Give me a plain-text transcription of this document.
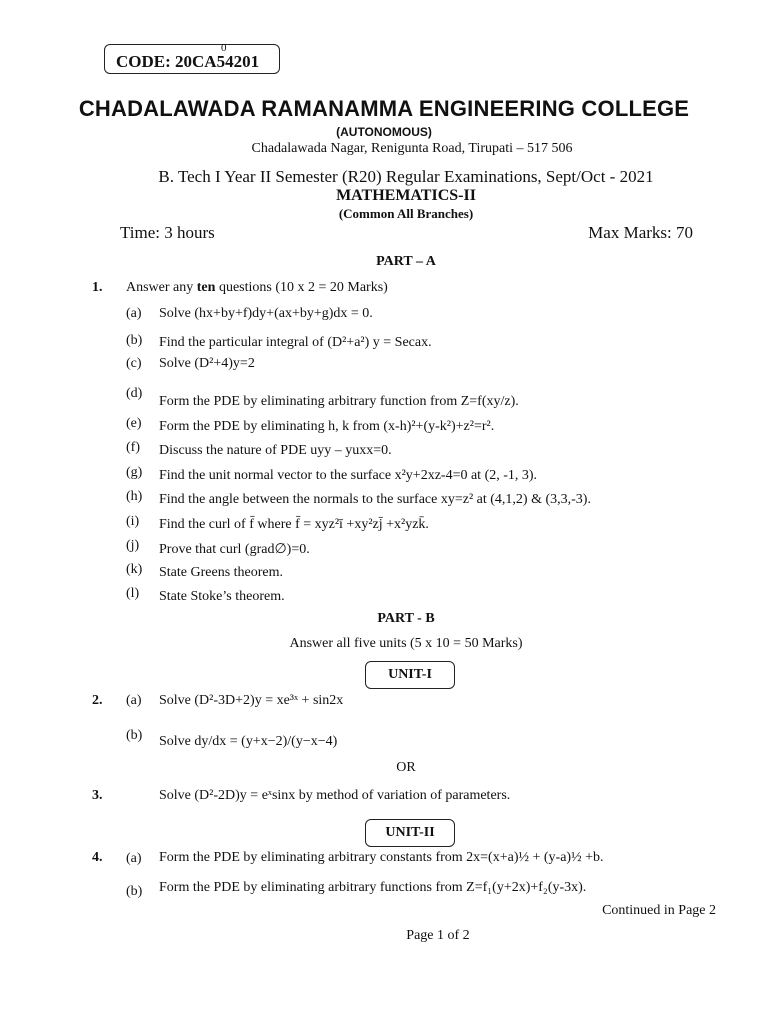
0
CODE: 20CA54201
CHADALAWADA RAMANAMMA ENGINEERING COLLEGE
(AUTONOMOUS)
Chadalawada Nagar, Renigunta Road, Tirupati – 517 506
B. Tech I Year II Semester (R20) Regular Examinations, Sept/Oct - 2021
MATHEMATICS-II
(Common All Branches)
Time: 3 hours	Max Marks: 70
PART – A
1. Answer any ten questions (10 x 2 = 20 Marks)
(a) Solve (hx+by+f)dy+(ax+by+g)dx = 0.
(b) Find the particular integral of (D²+a²) y = Secax.
(c) Solve (D²+4)y=2
(d)
Form the PDE by eliminating arbitrary function from Z=f(xy/z).
(e) Form the PDE by eliminating h, k from (x-h)²+(y-k²)+z²=r².
(f) Discuss the nature of PDE uyy – yuxx=0.
(g) Find the unit normal vector to the surface x²y+2xz-4=0 at (2, -1, 3).
(h) Find the angle between the normals to the surface xy=z² at (4,1,2) & (3,3,-3).
(i) Find the curl of f̄ where f̄ = xyz²ī +xy²zj̄ +x²yzk̄.
(j) Prove that curl (grad∅)=0.
(k) State Greens theorem.
(l) State Stoke’s theorem.
PART - B
Answer all five units (5 x 10 = 50 Marks)
UNIT-I
2. (a) Solve (D²-3D+2)y = xe³ˣ + sin2x
(b) Solve dy/dx = (y+x−2)/(y−x−4)
OR
3.	Solve (D²-2D)y = eˣsinx by method of variation of parameters.
UNIT-II
4. (a) Form the PDE by eliminating arbitrary constants from 2x=(x+a)½ + (y-a)½ +b.
(b) Form the PDE by eliminating arbitrary functions from Z=f₁(y+2x)+f₂(y-3x).
Continued in Page 2
Page 1 of 2
